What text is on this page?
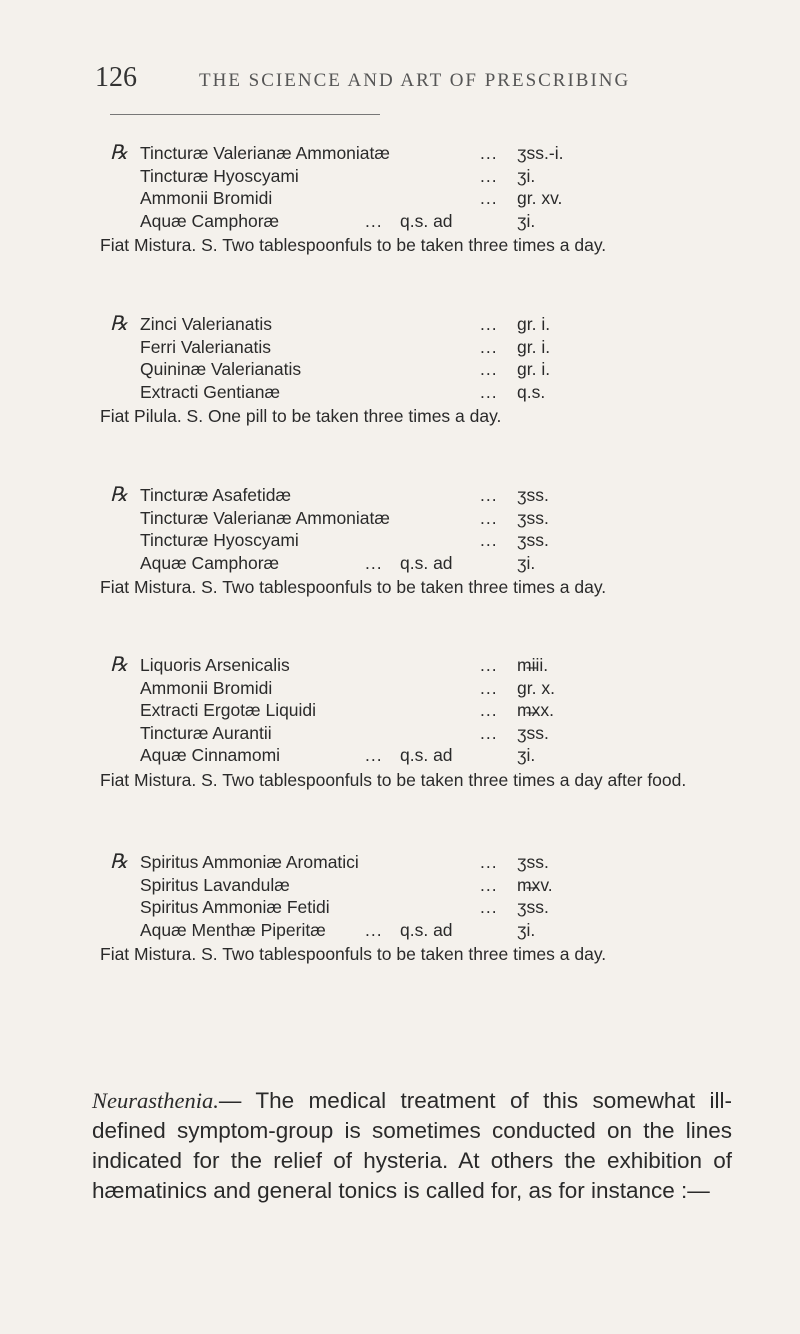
126	THE SCIENCE AND ART OF PRESCRIBING
℞ Tincturæ Valerianæ Ammoniatæ	... ʒss.-i.
Tincturæ Hyoscyami	... ʒi.
Ammonii Bromidi	... gr. xv.
Aquæ Camphoræ	... q.s. ad	ʒi.
Fiat Mistura. S. Two tablespoonfuls to be taken three times a day.
℞ Zinci Valerianatis	... gr. i.
Ferri Valerianatis	... gr. i.
Quininæ Valerianatis	... gr. i.
Extracti Gentianæ	... q.s.
Fiat Pilula. S. One pill to be taken three times a day.
℞ Tincturæ Asafetidæ	... ʒss.
Tincturæ Valerianæ Ammoniatæ	... ʒss.
Tincturæ Hyoscyami	... ʒss.
Aquæ Camphoræ	... q.s. ad	ʒi.
Fiat Mistura. S. Two tablespoonfuls to be taken three times a day.
℞ Liquoris Arsenicalis	... m̶iii.
Ammonii Bromidi	... gr. x.
Extracti Ergotæ Liquidi	... m̶xx.
Tincturæ Aurantii	... ʒss.
Aquæ Cinnamomi	... q.s. ad	ʒi.
Fiat Mistura. S. Two tablespoonfuls to be taken three times a day after food.
℞ Spiritus Ammoniæ Aromatici	... ʒss.
Spiritus Lavandulæ	... m̶xv.
Spiritus Ammoniæ Fetidi	... ʒss.
Aquæ Menthæ Piperitæ ... q.s. ad	ʒi.
Fiat Mistura. S. Two tablespoonfuls to be taken three times a day.
Neurasthenia.— The medical treatment of this somewhat ill-defined symptom-group is sometimes conducted on the lines indicated for the relief of hysteria. At others the exhibition of hæmatinics and general tonics is called for, as for instance :—
